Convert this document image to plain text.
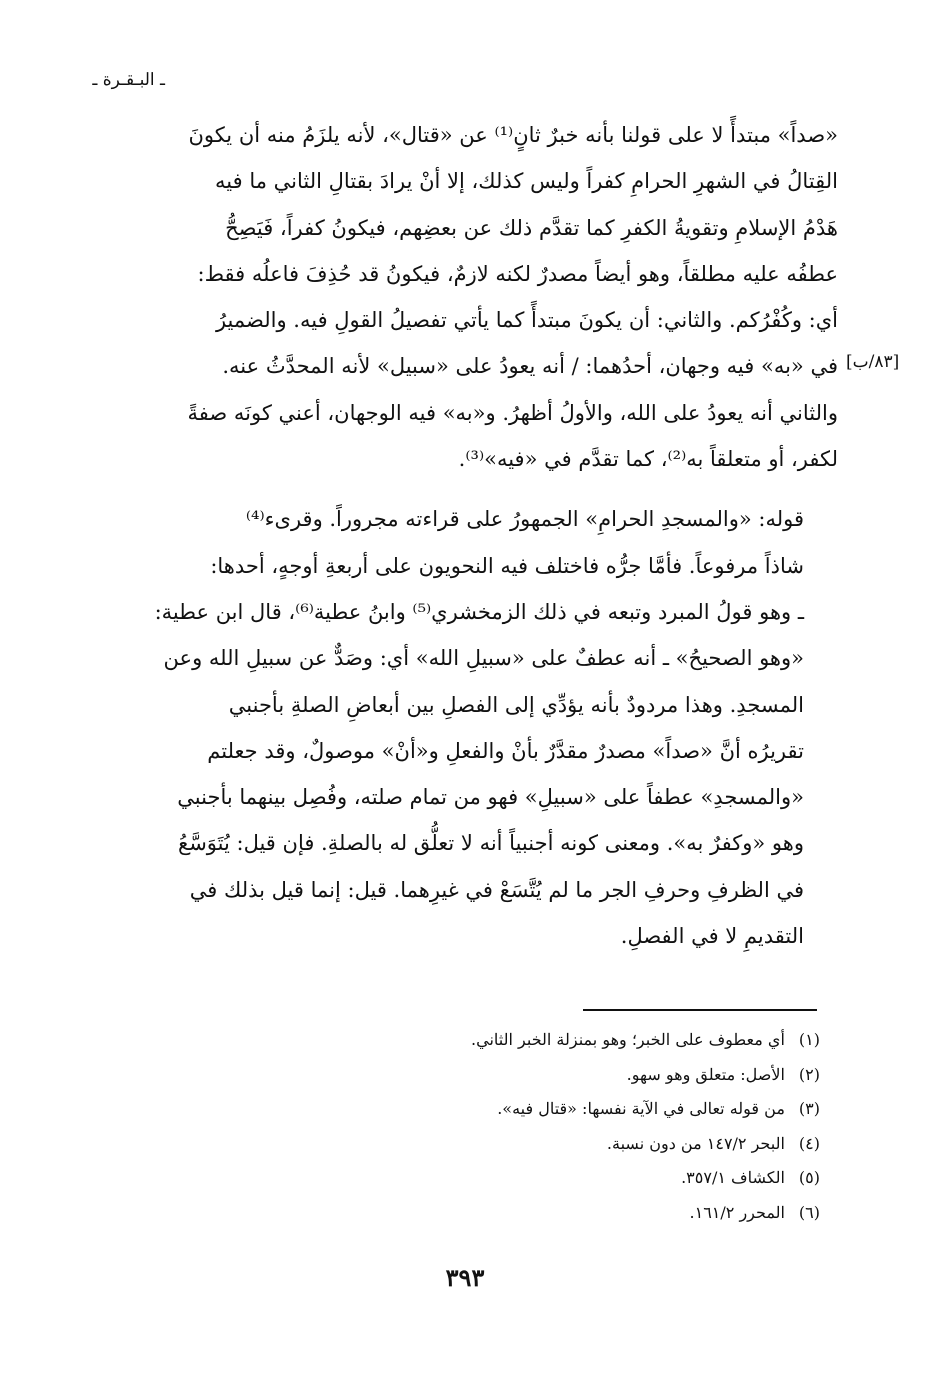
ـ البـقـرة ـ
[٨٣/ب]

«صداً» مبتدأً لا على قولنا بأنه خبرٌ ثانٍ⁽¹⁾ عن «قتال»، لأنه يلزَمُ منه أن يكونَ
القِتالُ في الشهرِ الحرامِ كفراً وليس كذلك، إلا أنْ يرادَ بقتالِ الثاني ما فيه
هَدْمُ الإسلامِ وتقويةُ الكفرِ كما تقدَّم ذلك عن بعضِهم، فيكونُ كفراً، فَيَصِحُّ
عطفُه عليه مطلقاً، وهو أيضاً مصدرٌ لكنه لازمٌ، فيكونُ قد حُذِفَ فاعلُه فقط:
أي: وكُفْرُكم. والثاني: أن يكونَ مبتدأً كما يأتي تفصيلُ القولِ فيه. والضميرُ
في «به» فيه وجهان، أحدُهما: / أنه يعودُ على «سبيل» لأنه المحدَّثُ عنه.
والثاني أنه يعودُ على الله، والأولُ أظهرُ. و«به» فيه الوجهان، أعني كونَه صفةً
لكفر، أو متعلقاً به⁽²⁾، كما تقدَّم في «فيه»⁽³⁾.

قوله: «والمسجدِ الحرامِ» الجمهورُ على قراءته مجروراً. وقرىء⁽⁴⁾
شاذاً مرفوعاً. فأمَّا جرُّه فاختلف فيه النحويون على أربعةِ أوجهٍ، أحدها:
ـ وهو قولُ المبرد وتبعه في ذلك الزمخشري⁽⁵⁾ وابنُ عطية⁽⁶⁾، قال ابن عطية:
«وهو الصحيحُ» ـ أنه عطفٌ على «سبيلِ الله» أي: وصَدٌّ عن سبيلِ الله وعن
المسجدِ. وهذا مردودٌ بأنه يؤدِّي إلى الفصلِ بين أبعاضِ الصلةِ بأجنبي
تقريرُه أنَّ «صداً» مصدرٌ مقدَّرٌ بأنْ والفعلِ و«أنْ» موصولٌ، وقد جعلتم
«والمسجدِ» عطفاً على «سبيلِ» فهو من تمام صلته، وفُصِل بينهما بأجنبي
وهو «وكفرٌ به». ومعنى كونه أجنبياً أنه لا تعلُّق له بالصلةِ. فإن قيل: يُتَوَسَّعُ
في الظرفِ وحرفِ الجر ما لم يُتَّسَعْ في غيرِهما. قيل: إنما قيل بذلك في
التقديمِ لا في الفصلِ.

(١) أي معطوف على الخبر؛ وهو بمنزلة الخبر الثاني.
(٢) الأصل: متعلق وهو سهو.
(٣) من قوله تعالى في الآية نفسها: «قتال فيه».
(٤) البحر ١٤٧/٢ من دون نسبة.
(٥) الكشاف ٣٥٧/١.
(٦) المحرر ١٦١/٢.
٣٩٣
